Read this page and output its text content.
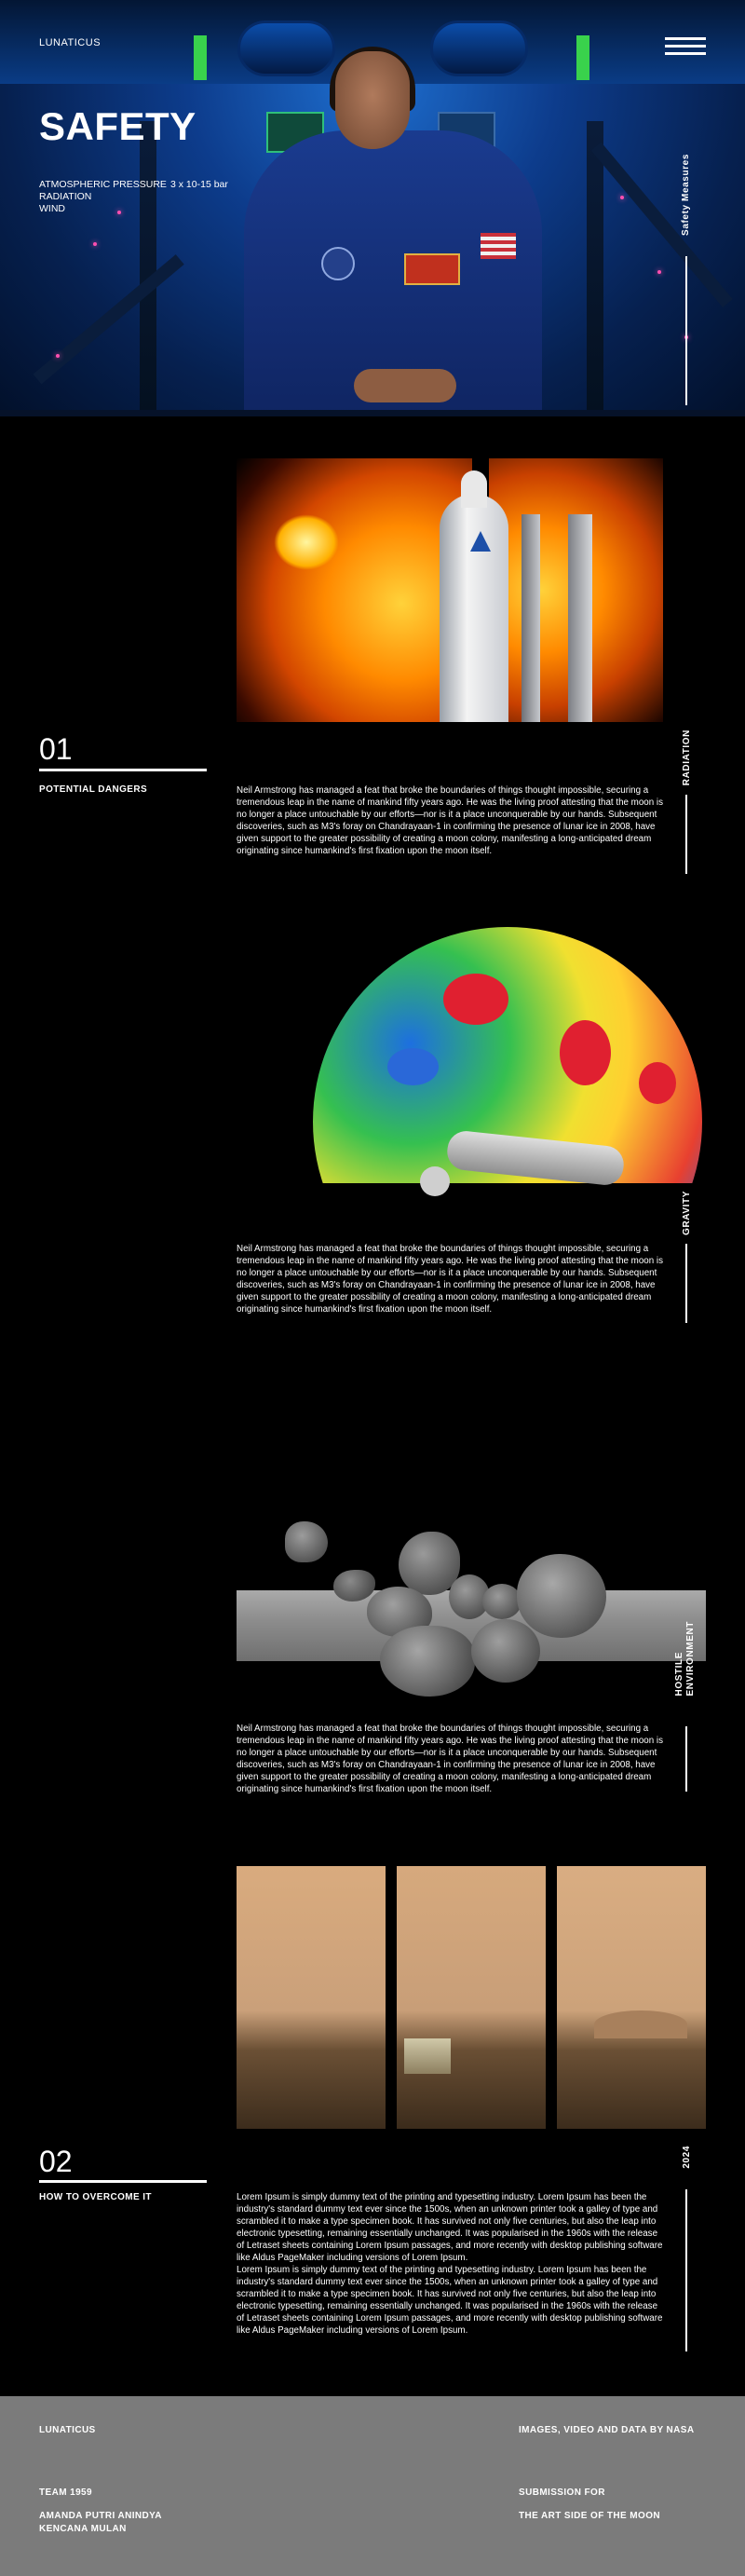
LUNATICUS
SAFETY
ATMOSPHERIC PRESSURE
RADIATION
WIND
3 x 10-15 bar	Safety Measures
01
POTENTIAL DANGERS
RADIATION

Neil Armstrong has managed a feat that broke the boundaries of things thought impossible, securing a tremendous leap in the name of mankind fifty years ago. He was the living proof attesting that the moon is no longer a place untouchable by our efforts—nor is it a place unconquerable by our hands. Subsequent discoveries, such as M3's foray on Chandrayaan-1 in confirming the presence of lunar ice in 2008, have given support to the greater possibility of creating a moon colony, manifesting a long-anticipated dream originating since humankind's first fixation upon the moon itself.

GRAVITY

Neil Armstrong has managed a feat that broke the boundaries of things thought impossible, securing a tremendous leap in the name of mankind fifty years ago. He was the living proof attesting that the moon is no longer a place untouchable by our efforts—nor is it a place unconquerable by our hands. Subsequent discoveries, such as M3's foray on Chandrayaan-1 in confirming the presence of lunar ice in 2008, have given support to the greater possibility of creating a moon colony, manifesting a long-anticipated dream originating since humankind's first fixation upon the moon itself.

HOSTILE
ENVIRONMENT

Neil Armstrong has managed a feat that broke the boundaries of things thought impossible, securing a tremendous leap in the name of mankind fifty years ago. He was the living proof attesting that the moon is no longer a place untouchable by our efforts—nor is it a place unconquerable by our hands. Subsequent discoveries, such as M3's foray on Chandrayaan-1 in confirming the presence of lunar ice in 2008, have given support to the greater possibility of creating a moon colony, manifesting a long-anticipated dream originating since humankind's first fixation upon the moon itself.

02
HOW TO OVERCOME IT
2024

Lorem Ipsum is simply dummy text of the printing and typesetting industry. Lorem Ipsum has been the industry's standard dummy text ever since the 1500s, when an unknown printer took a galley of type and scrambled it to make a type specimen book. It has survived not only five centuries, but also the leap into electronic typesetting, remaining essentially unchanged. It was popularised in the 1960s with the release of Letraset sheets containing Lorem Ipsum passages, and more recently with desktop publishing software like Aldus PageMaker including versions of Lorem Ipsum.

Lorem Ipsum is simply dummy text of the printing and typesetting industry. Lorem Ipsum has been the industry's standard dummy text ever since the 1500s, when an unknown printer took a galley of type and scrambled it to make a type specimen book. It has survived not only five centuries, but also the leap into electronic typesetting, remaining essentially unchanged. It was popularised in the 1960s with the release of Letraset sheets containing Lorem Ipsum passages, and more recently with desktop publishing software like Aldus PageMaker including versions of Lorem Ipsum.

LUNATICUS	IMAGES, VIDEO AND DATA BY NASA
TEAM 1959
AMANDA PUTRI ANINDYA
KENCANA MULAN
SUBMISSION FOR
THE ART SIDE OF THE MOON
